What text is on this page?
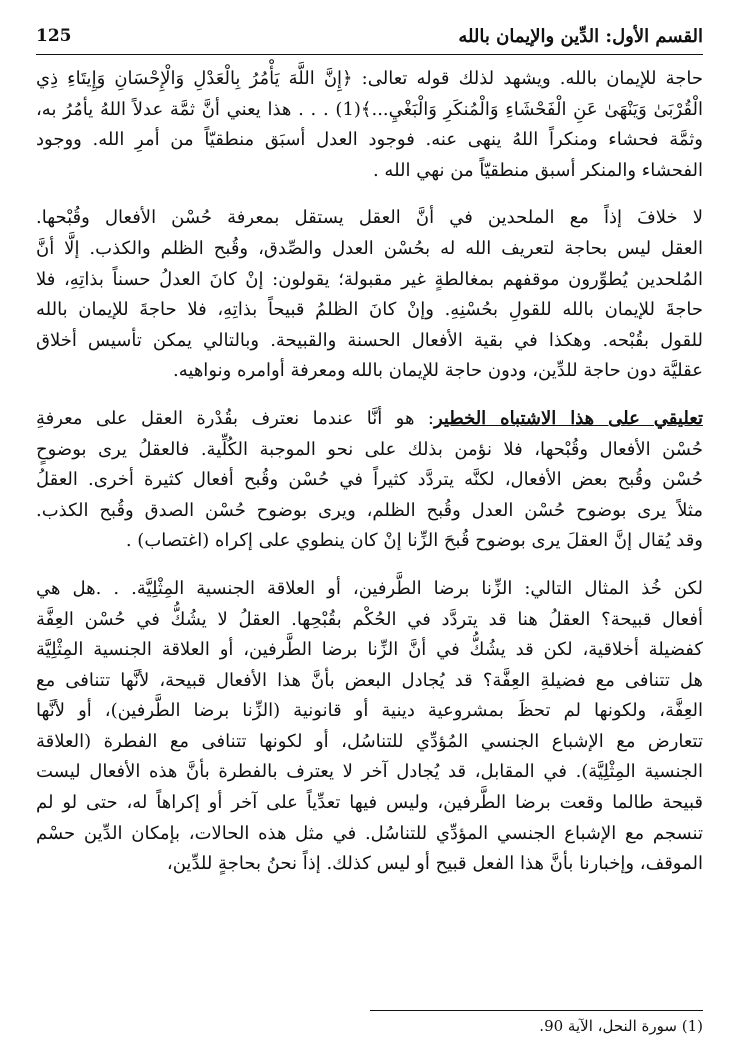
القسم الأول: الدِّين والإيمان بالله
125

حاجة للإيمان بالله. ويشهد لذلك قوله تعالى: ﴿إِنَّ اللَّهَ يَأْمُرُ بِالْعَدْلِ وَالْإِحْسَانِ وَإِيتَاءِ ذِي
الْقُرْبَىٰ وَيَنْهَىٰ عَنِ الْفَحْشَاءِ وَالْمُنكَرِ وَالْبَغْيِ...﴾(1) . . . هذا يعني أنَّ ثمَّة عدلاً اللهُ يأمُرُ به،
وثمَّة فحشاء ومنكراً اللهُ ينهى عنه. فوجود العدل أسبَق منطقيّاً من أمرِ الله. ووجود
الفحشاء والمنكر أسبق منطقيّاً من نهي الله .

لا خلافَ إذاً مع الملحدين في أنَّ العقل يستقل بمعرفة حُسْن الأفعال وقُبْحها.
العقل ليس بحاجة لتعريف الله له بحُسْن العدل والصِّدق، وقُبح الظلم والكذب. إلَّا أنَّ
المُلحدين يُطوِّرون موقفهم بمغالطةٍ غير مقبولة؛ يقولون: إنْ كانَ العدلُ حسناً بذاتِهِ، فلا
حاجةَ للإيمان بالله للقولِ بحُسْنِهِ. وإنْ كانَ الظلمُ قبيحاً بذاتِهِ، فلا حاجةَ للإيمان بالله
للقول بقُبْحه. وهكذا في بقية الأفعال الحسنة والقبيحة. وبالتالي يمكن تأسيس أخلاق
عقليَّة دون حاجة للدِّين، ودون حاجة للإيمان بالله ومعرفة أوامره ونواهيه.

تعليقي على هذا الاشتباه الخطير: هو أنَّا عندما نعترف بقُدْرة العقل على معرفةِ
حُسْن الأفعال وقُبْحها، فلا نؤمن بذلك على نحو الموجبة الكُلِّية. فالعقلُ يرى بوضوحٍ
حُسْن وقُبح بعض الأفعال، لكنَّه يتردَّد كثيراً في حُسْن وقُبح أفعال كثيرة أخرى. العقلُ
مثلاً يرى بوضوح حُسْن العدل وقُبح الظلم، ويرى بوضوح حُسْن الصدق وقُبح الكذب.
وقد يُقال إنَّ العقلَ يرى بوضوح قُبحَ الزِّنا إنْ كان ينطوي على إكراه (اغتصاب) .

لكن خُذ المثال التالي: الزِّنا برضا الطَّرفين، أو العلاقة الجنسية المِثْلِيَّة. . .هل هي
أفعال قبيحة؟ العقلُ هنا قد يتردَّد في الحُكْم بقُبْحِها. العقلُ لا يشُكُّ في حُسْن العِفَّة
كفضيلة أخلاقية، لكن قد يشُكُّ في أنَّ الزِّنا برضا الطَّرفين، أو العلاقة الجنسية المِثْلِيَّة
هل تتنافى مع فضيلةِ العِفَّة؟ قد يُجادل البعض بأنَّ هذا الأفعال قبيحة، لأنَّها تتنافى مع
العِفَّة، ولكونها لم تحظَ بمشروعية دينية أو قانونية (الزِّنا برضا الطَّرفين)، أو لأنَّها
تتعارض مع الإشباع الجنسي المُؤدِّي للتناسُل، أو لكونها تتنافى مع الفطرة (العلاقة
الجنسية المِثْلِيَّة). في المقابل، قد يُجادل آخر لا يعترف بالفطرة بأنَّ هذه الأفعال ليست
قبيحة طالما وقعت برضا الطَّرفين، وليس فيها تعدِّياً على آخر أو إكراهاً له، حتى لو لم
تنسجم مع الإشباع الجنسي المؤدِّي للتناسُل. في مثل هذه الحالات، بإمكان الدِّين حسْم
الموقف، وإخبارنا بأنَّ هذا الفعل قبيح أو ليس كذلك. إذاً نحنُ بحاجةٍ للدِّين،

(1) سورة النحل، الآية 90.
